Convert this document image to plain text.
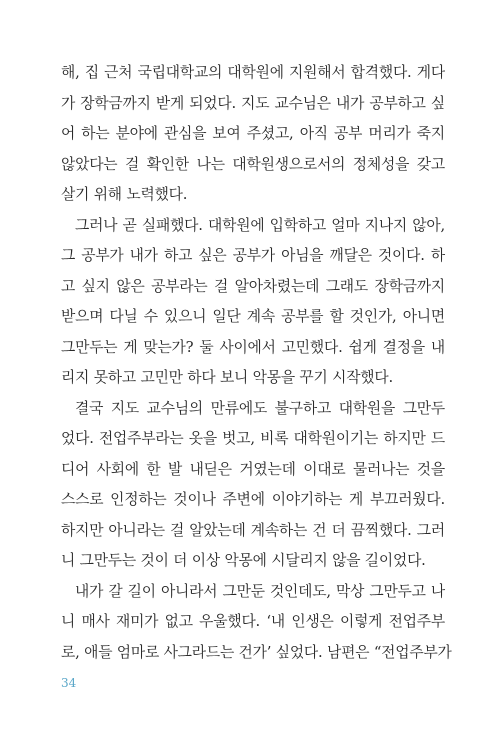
해, 집 근처 국립대학교의 대학원에 지원해서 합격했다. 게다
가 장학금까지 받게 되었다. 지도 교수님은 내가 공부하고 싶
어 하는 분야에 관심을 보여 주셨고, 아직 공부 머리가 죽지
않았다는 걸 확인한 나는 대학원생으로서의 정체성을 갖고
살기 위해 노력했다.

그러나 곧 실패했다. 대학원에 입학하고 얼마 지나지 않아,
그 공부가 내가 하고 싶은 공부가 아님을 깨달은 것이다. 하
고 싶지 않은 공부라는 걸 알아차렸는데 그래도 장학금까지
받으며 다닐 수 있으니 일단 계속 공부를 할 것인가, 아니면
그만두는 게 맞는가? 둘 사이에서 고민했다. 쉽게 결정을 내
리지 못하고 고민만 하다 보니 악몽을 꾸기 시작했다.

결국 지도 교수님의 만류에도 불구하고 대학원을 그만두
었다. 전업주부라는 옷을 벗고, 비록 대학원이기는 하지만 드
디어 사회에 한 발 내딛은 거였는데 이대로 물러나는 것을
스스로 인정하는 것이나 주변에 이야기하는 게 부끄러웠다.
하지만 아니라는 걸 알았는데 계속하는 건 더 끔찍했다. 그러
니 그만두는 것이 더 이상 악몽에 시달리지 않을 길이었다.

내가 갈 길이 아니라서 그만둔 것인데도, 막상 그만두고 나
니 매사 재미가 없고 우울했다. ‘내 인생은 이렇게 전업주부
로, 애들 엄마로 사그라드는 건가’ 싶었다. 남편은 “전업주부가

34
